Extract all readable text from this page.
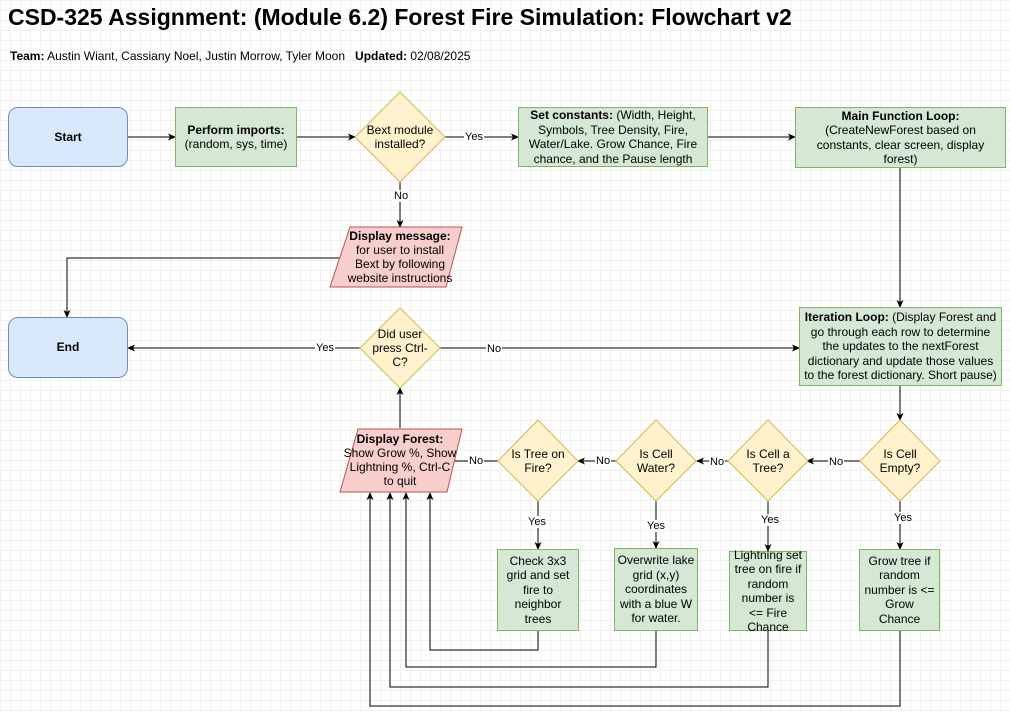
CSD-325 Assignment: (Module 6.2) Forest Fire Simulation: Flowchart v2
Team: Austin Wiant, Cassiany Noel, Justin Morrow, Tyler Moon Updated: 02/08/2025
Start
End
Perform imports:
(random, sys, time)
Set constants: (Width, Height, Symbols, Tree Density, Fire, Water/Lake. Grow Chance, Fire chance, and the Pause length
Main Function Loop:
(CreateNewForest based on constants, clear screen, display forest)
Iteration Loop: (Display Forest and go through each row to determine the updates to the nextForest dictionary and update those values to the forest dictionary. Short pause)
Grow tree if random number is <= Grow Chance
Lightning set tree on fire if random number is <= Fire Chance
Overwrite lake grid (x,y) coordinates with a blue W for water.
Check 3x3 grid and set fire to neighbor trees
Bext module installed?
Did user press Ctrl-C?
Is Cell Empty?
Is Cell a Tree?
Is Cell Water?
Is Tree on Fire?
Display message:
for user to install Bext by following website instructions
Display Forest:
Show Grow %, Show Lightning %, Ctrl-C to quit
Yes
No
Yes	No
No
No
No
No
Yes
Yes
Yes
Yes
